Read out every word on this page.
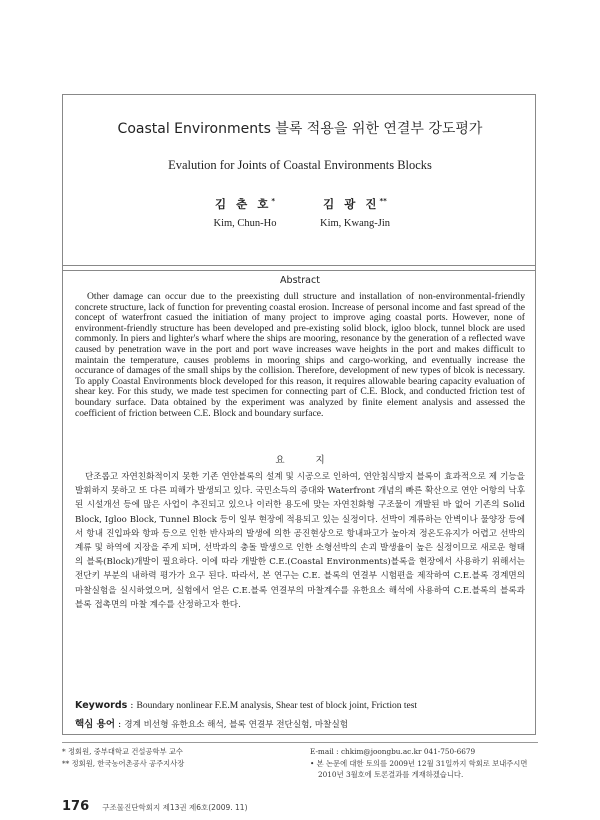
Coastal Environments 블록 적용을 위한 연결부 강도평가
Evalution for Joints of Coastal Environments Blocks
김 춘 호*
Kim, Chun-Ho
김 광 진**
Kim, Kwang-Jin
Abstract

Other damage can occur due to the preexisting dull structure and installation of non-environmental-friendly concrete structure, lack of function for preventing coastal erosion. Increase of personal income and fast spread of the concept of waterfront casued the initiation of many project to improve aging coastal ports. However, none of environment-friendly structure has been developed and pre-existing solid block, igloo block, tunnel block are used commonly. In piers and lighter's wharf where the ships are mooring, resonance by the generation of a reflected wave caused by penetration wave in the port and port wave increases wave heights in the port and makes difficult to maintain the temperature, causes problems in mooring ships and cargo-working, and eventually increase the occurance of damages of the small ships by the collision. Therefore, development of new types of blcok is necessary. To apply Coastal Environments block developed for this reason, it requires allowable bearing capacity evaluation of shear key. For this study, we made test specimen for connecting part of C.E. Block, and conducted friction test of boundary surface. Data obtained by the experiment was analyzed by finite element analysis and assessed the coefficient of friction between C.E. Block and boundary surface.

요 지

단조롭고 자연친화적이지 못한 기존 연안블록의 설계 및 시공으로 인하여, 연안침식방지 블록이 효과적으로 제 기능을 발휘하지 못하고 또 다른 피해가 발생되고 있다. 국민소득의 증대와 Waterfront 개념의 빠른 확산으로 연안 어항의 낙후된 시설개선 등에 많은 사업이 추진되고 있으나 이러한 용도에 맞는 자연친화형 구조물이 개발된 바 없어 기존의 Solid Block, Igloo Block, Tunnel Block 등이 일부 현장에 적용되고 있는 실정이다. 선박이 계류하는 안벽이나 물양장 등에서 항내 진입파와 항파 등으로 인한 반사파의 발생에 의한 공진현상으로 항내파고가 높아져 정온도유지가 어렵고 선박의 계류 및 하역에 지장을 주게 되며, 선박과의 충돌 발생으로 인한 소형선박의 손괴 발생율이 높은 실정이므로 새로운 형태의 블록(Block)개발이 필요하다. 이에 따라 개발한 C.E.(Coastal Environments)블록을 현장에서 사용하기 위해서는 전단키 부분의 내하력 평가가 요구 된다. 따라서, 본 연구는 C.E. 블록의 연결부 시험편을 제작하여 C.E.블록 경계면의 마찰실험을 실시하였으며, 실험에서 얻은 C.E.블록 연결부의 마찰계수를 유한요소 해석에 사용하여 C.E.블록의 블록과 블록 접촉면의 마찰 계수를 산정하고자 한다.

Keywords : Boundary nonlinear F.E.M analysis, Shear test of block joint, Friction test
핵심 용어 : 경계 비선형 유한요소 해석, 블록 연결부 전단실험, 마찰실험
* 정회원, 중부대학교 건설공학부 교수
** 정회원, 한국농어촌공사 공주지사장
E-mail : chkim@joongbu.ac.kr 041-750-6679
• 본 논문에 대한 토의를 2009년 12월 31일까지 학회로 보내주시면
2010년 3월호에 토론결과를 게재하겠습니다.
176 구조물진단학회지 제13권 제6호(2009. 11)
